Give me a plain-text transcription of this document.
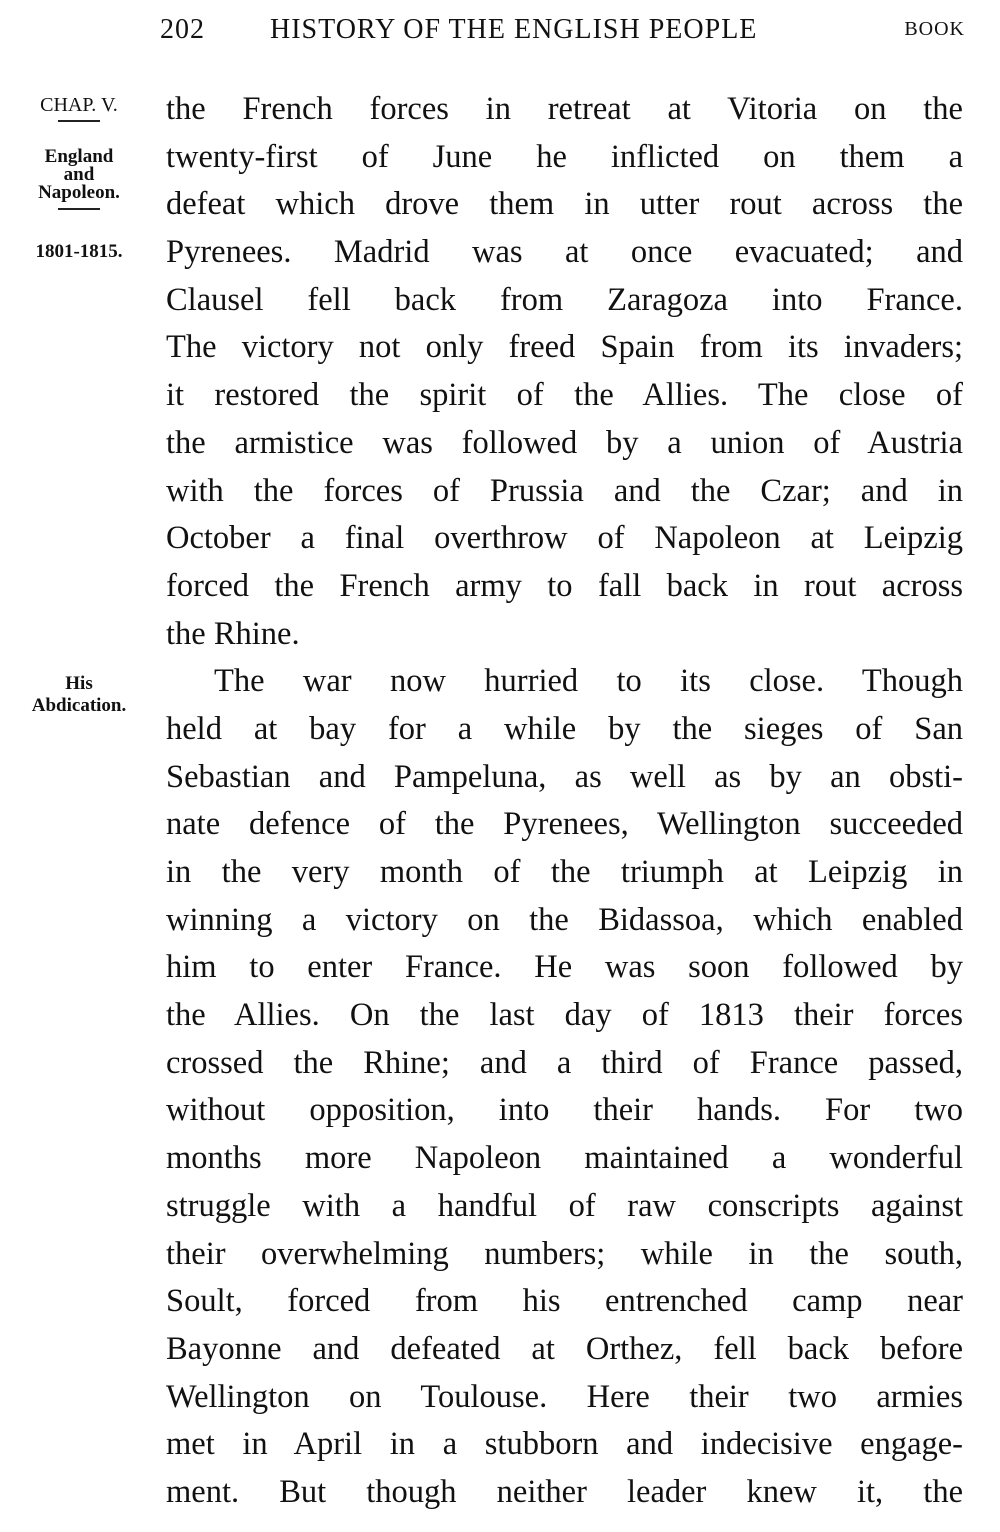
202 HISTORY OF THE ENGLISH PEOPLE	BOOK
CHAP. V.
England
and
Napoleon.
1801-1815.
His
Abdication.
the French forces in retreat at Vitoria on the
twenty-first of June he inflicted on them a
defeat which drove them in utter rout across the
Pyrenees. Madrid was at once evacuated; and
Clausel fell back from Zaragoza into France.
The victory not only freed Spain from its invaders;
it restored the spirit of the Allies. The close of
the armistice was followed by a union of Austria
with the forces of Prussia and the Czar; and in
October a final overthrow of Napoleon at Leipzig
forced the French army to fall back in rout across
the Rhine.
The war now hurried to its close. Though
held at bay for a while by the sieges of San
Sebastian and Pampeluna, as well as by an obsti-
nate defence of the Pyrenees, Wellington succeeded
in the very month of the triumph at Leipzig in
winning a victory on the Bidassoa, which enabled
him to enter France. He was soon followed by
the Allies. On the last day of 1813 their forces
crossed the Rhine; and a third of France passed,
without opposition, into their hands. For two
months more Napoleon maintained a wonderful
struggle with a handful of raw conscripts against
their overwhelming numbers; while in the south,
Soult, forced from his entrenched camp near
Bayonne and defeated at Orthez, fell back before
Wellington on Toulouse. Here their two armies
met in April in a stubborn and indecisive engage-
ment. But though neither leader knew it, the
